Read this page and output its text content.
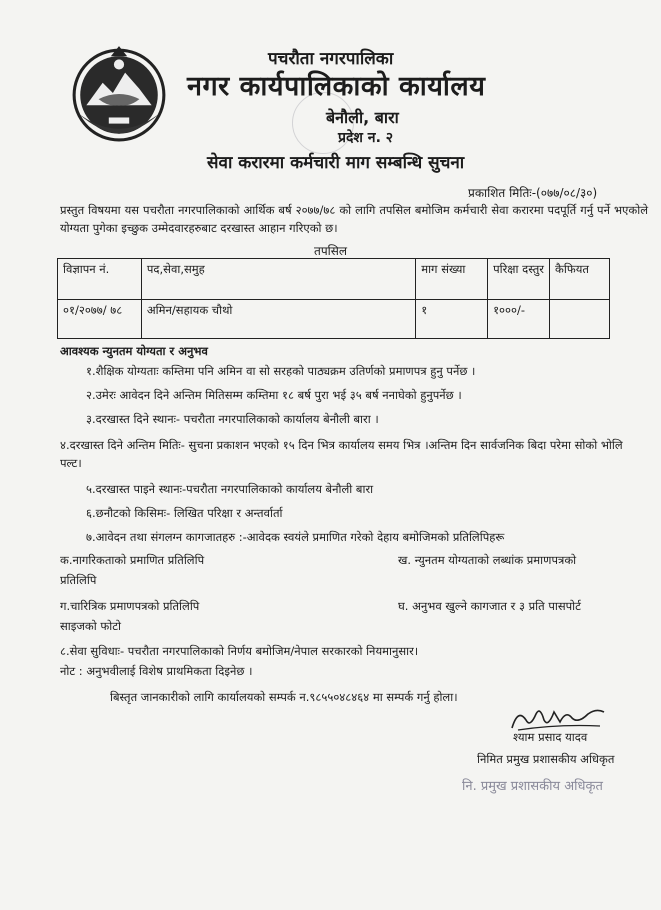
पचरौता नगरपालिका
नगर कार्यपालिकाको कार्यालय
बेनौली, बारा
प्रदेश न. २
सेवा करारमा कर्मचारी माग सम्बन्धि सुचना
प्रकाशित मितिः-(०७७/०८/३०)
प्रस्तुत विषयमा यस पचरौता नगरपालिकाको आर्थिक बर्ष २०७७/७८ को लागि तपसिल बमोजिम कर्मचारी सेवा करारमा पदपूर्ति गर्नु पर्ने भएकोले योग्यता पुगेका इच्छुक उम्मेदवारहरुबाट दरखास्त आहान गरिएको छ।
तपसिल
विज्ञापन नं.	पद,सेवा,समुह	माग संख्या	परिक्षा दस्तुर	कैफियत
०१/२०७७/ ७८	अमिन/सहायक चौथो	१	१०००/-	
आवश्यक न्युनतम योग्यता र अनुभव
१.शैक्षिक योग्यताः कम्तिमा पनि अमिन वा सो सरहको पाठ्यक्रम उतिर्णको प्रमाणपत्र हुनु पर्नेछ ।
२.उमेरः आवेदन दिने अन्तिम मितिसम्म कम्तिमा १८ बर्ष पुरा भई ३५ बर्ष ननाघेको हुनुपर्नेछ ।
३.दरखास्त दिने स्थानः- पचरौता नगरपालिकाको कार्यालय बेनौली बारा ।
४.दरखास्त दिने अन्तिम मितिः- सुचना प्रकाशन भएको १५ दिन भित्र कार्यालय समय भित्र ।अन्तिम दिन सार्वजनिक बिदा परेमा सोको भोलि पल्ट।
५.दरखास्त पाइने स्थानः-पचरौता नगरपालिकाको कार्यालय बेनौली बारा
६.छनौटको किसिमः- लिखित परिक्षा र अन्तर्वार्ता
७.आवेदन तथा संगलग्न कागजातहरु :-आवेदक स्वयंले प्रमाणित गरेको देहाय बमोजिमको प्रतिलिपिहरू
क.नागरिकताको प्रमाणित प्रतिलिपि	ख. न्युनतम योग्यताको लब्धांक प्रमाणपत्रको
प्रतिलिपि
ग.चारित्रिक प्रमाणपत्रको प्रतिलिपि	घ. अनुभव खुल्ने कागजात र ३ प्रति पासपोर्ट
साइजको फोटो
८.सेवा सुविधाः- पचरौता नगरपालिकाको निर्णय बमोजिम/नेपाल सरकारको नियमानुसार।
नोट : अनुभवीलाई विशेष प्राथमिकता दिइनेछ ।
बिस्तृत जानकारीको लागि कार्यालयको सम्पर्क न.९८५५०४८४६४ मा सम्पर्क गर्नु होला।
श्याम प्रसाद यादव
निमित प्रमुख प्रशासकीय अधिकृत
नि. प्रमुख प्रशासकीय अधिकृत
